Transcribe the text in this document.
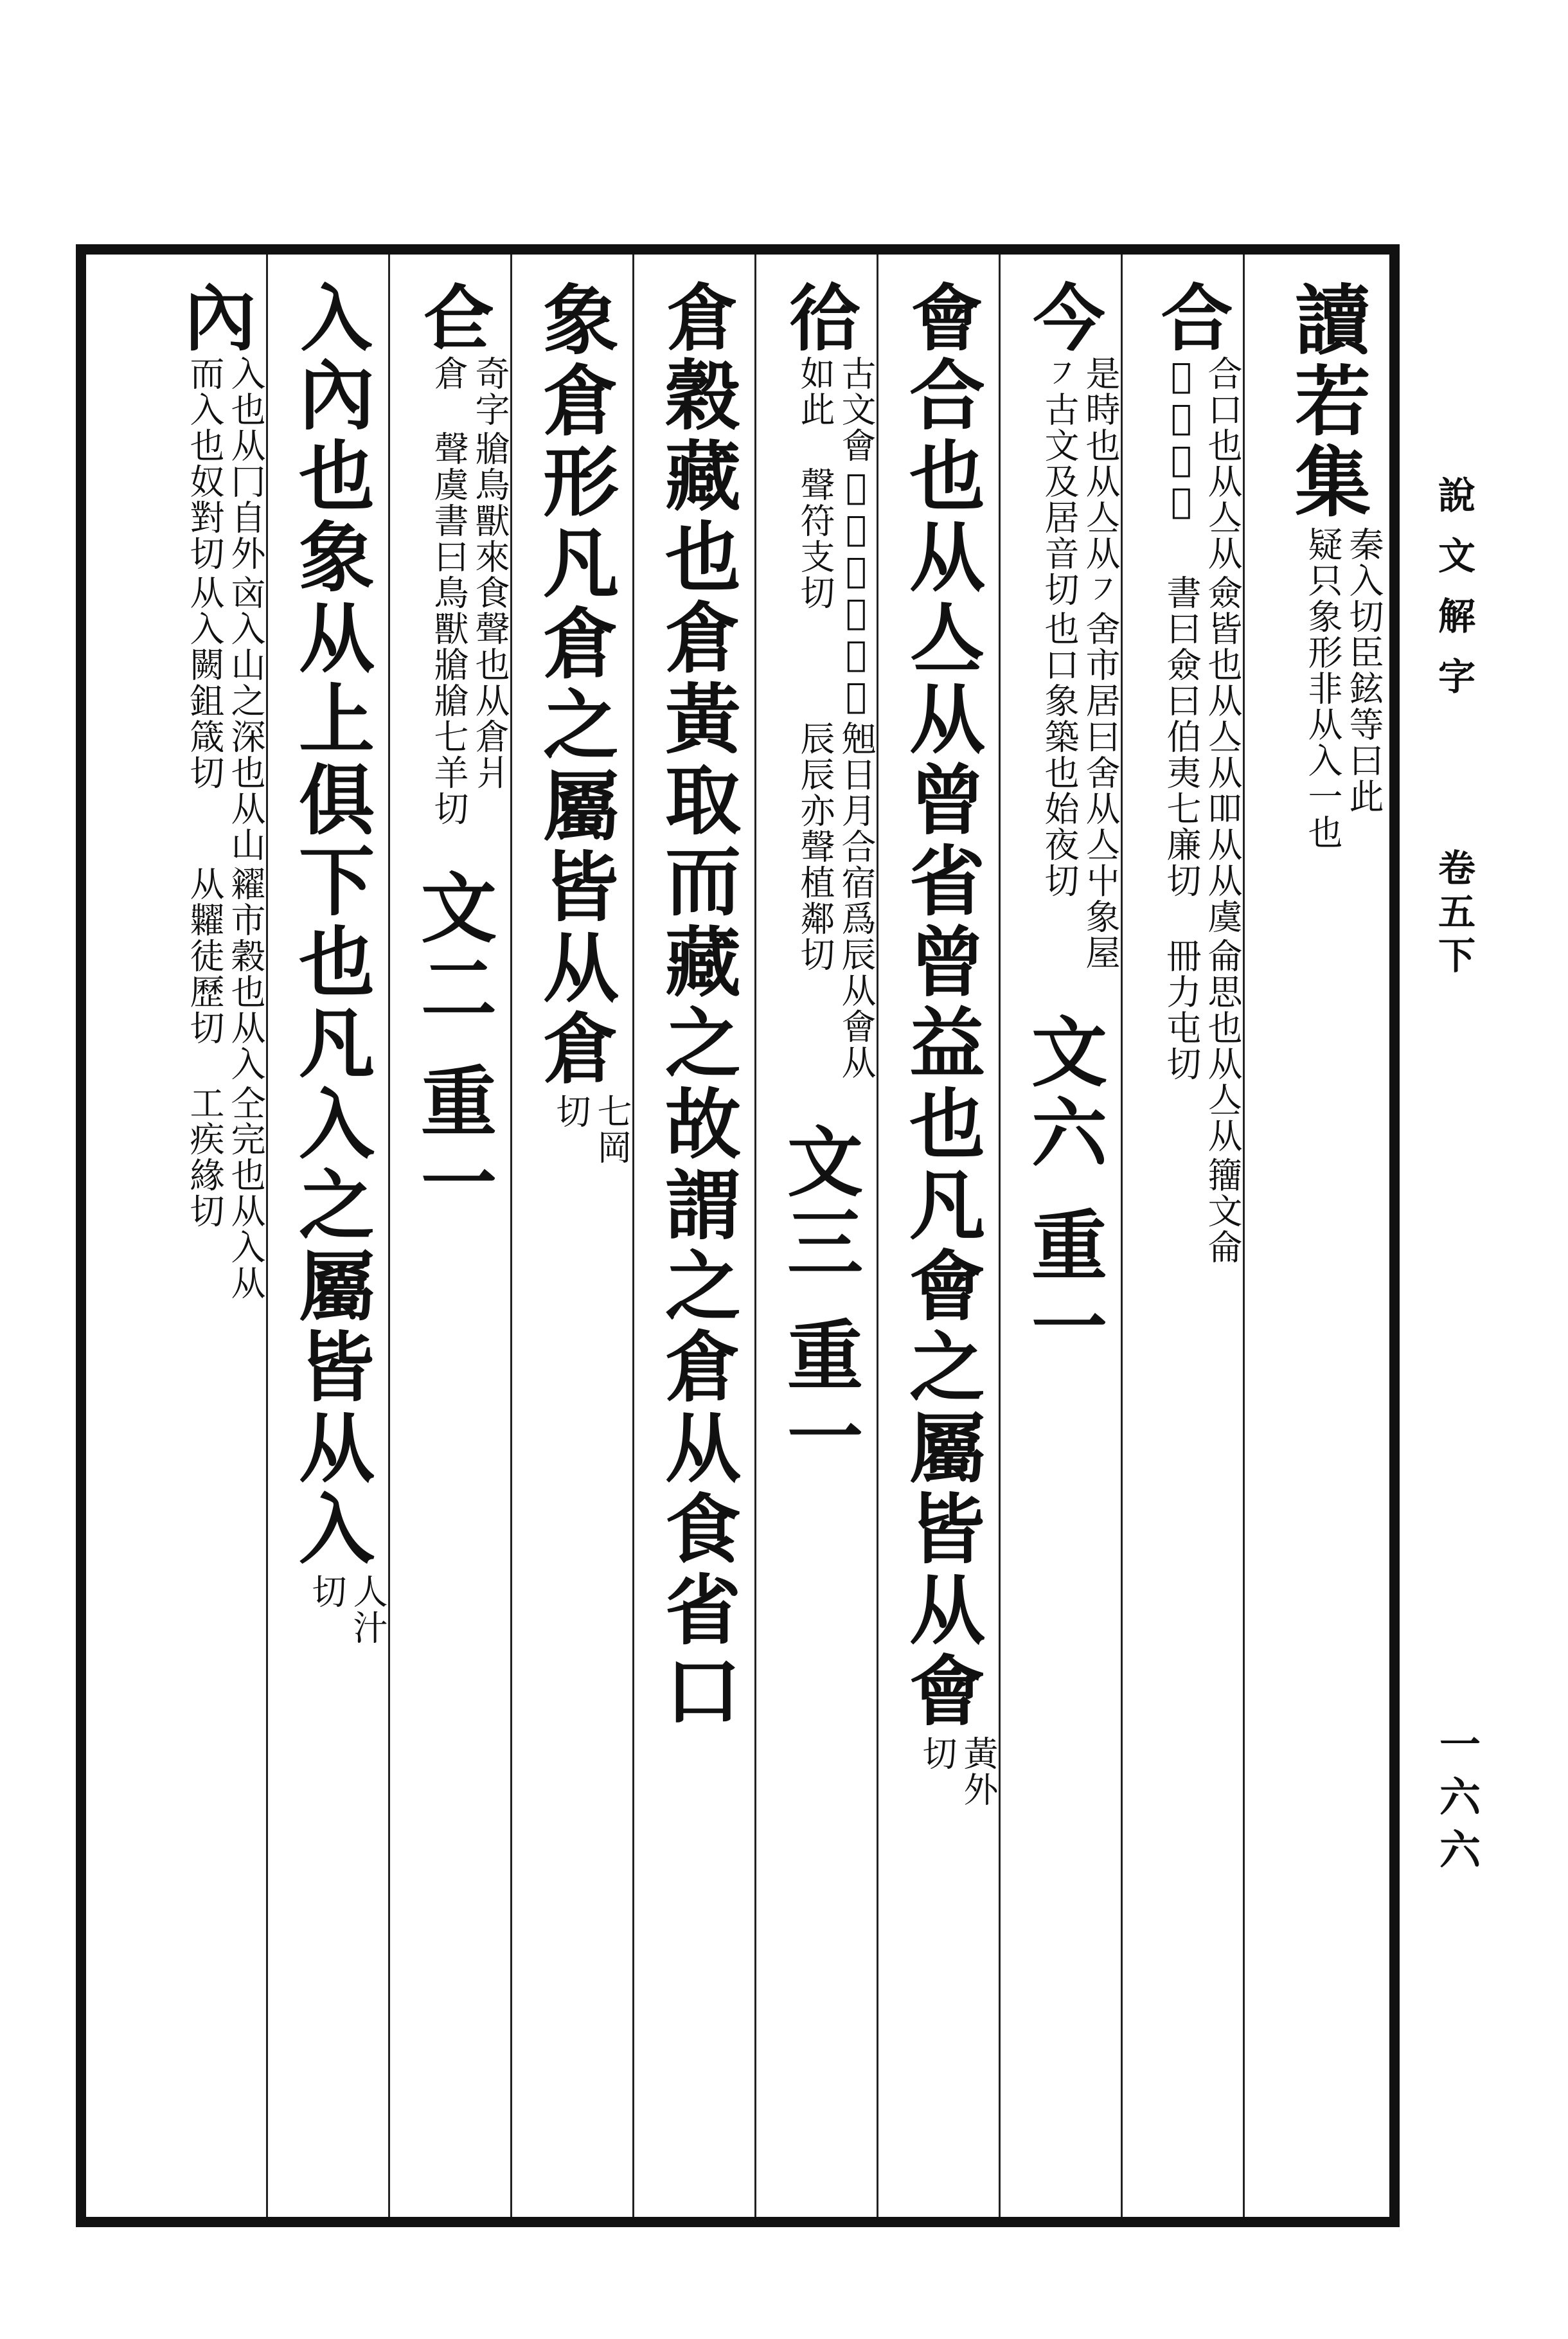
說文解字
卷五下
一六六
讀若集
秦入切臣鉉等曰此
疑只象形非从入一也
合
合口也从亼从
𠚕侯閤切

僉皆也从亼从吅从从虞
書曰僉曰伯夷七廉切

侖思也从亼从
冊力屯切

籒文侖
今
是時也从亼从㇇
㇇古文及居音切

舍市居曰舍从亼屮象屋
也口象築也始夜切
文六 重一
會 合也从亼从曾省曾益也凡會之屬皆从會
黃外
切
㣛
古文會
如此

𢔾益也从會卑
聲符支切

𣆶日月合宿爲辰从會从
辰辰亦聲植鄰切
文三 重一
倉 穀藏也倉黃取而藏之故謂之倉从食省口
象倉形凡倉之屬皆从倉
七岡
切
仺
奇字
倉

牄鳥獸來食聲也从倉爿
聲虞書曰鳥獸牄牄七羊切
文二 重一
入 內也象从上俱下也凡入之屬皆从入
人汁
切
內
入也从冂自外
而入也奴對切

㐫入山之深也从山
从入闕鉏箴切

糴市穀也从入
从糶徒歷切

仝完也从入从
工疾緣切
